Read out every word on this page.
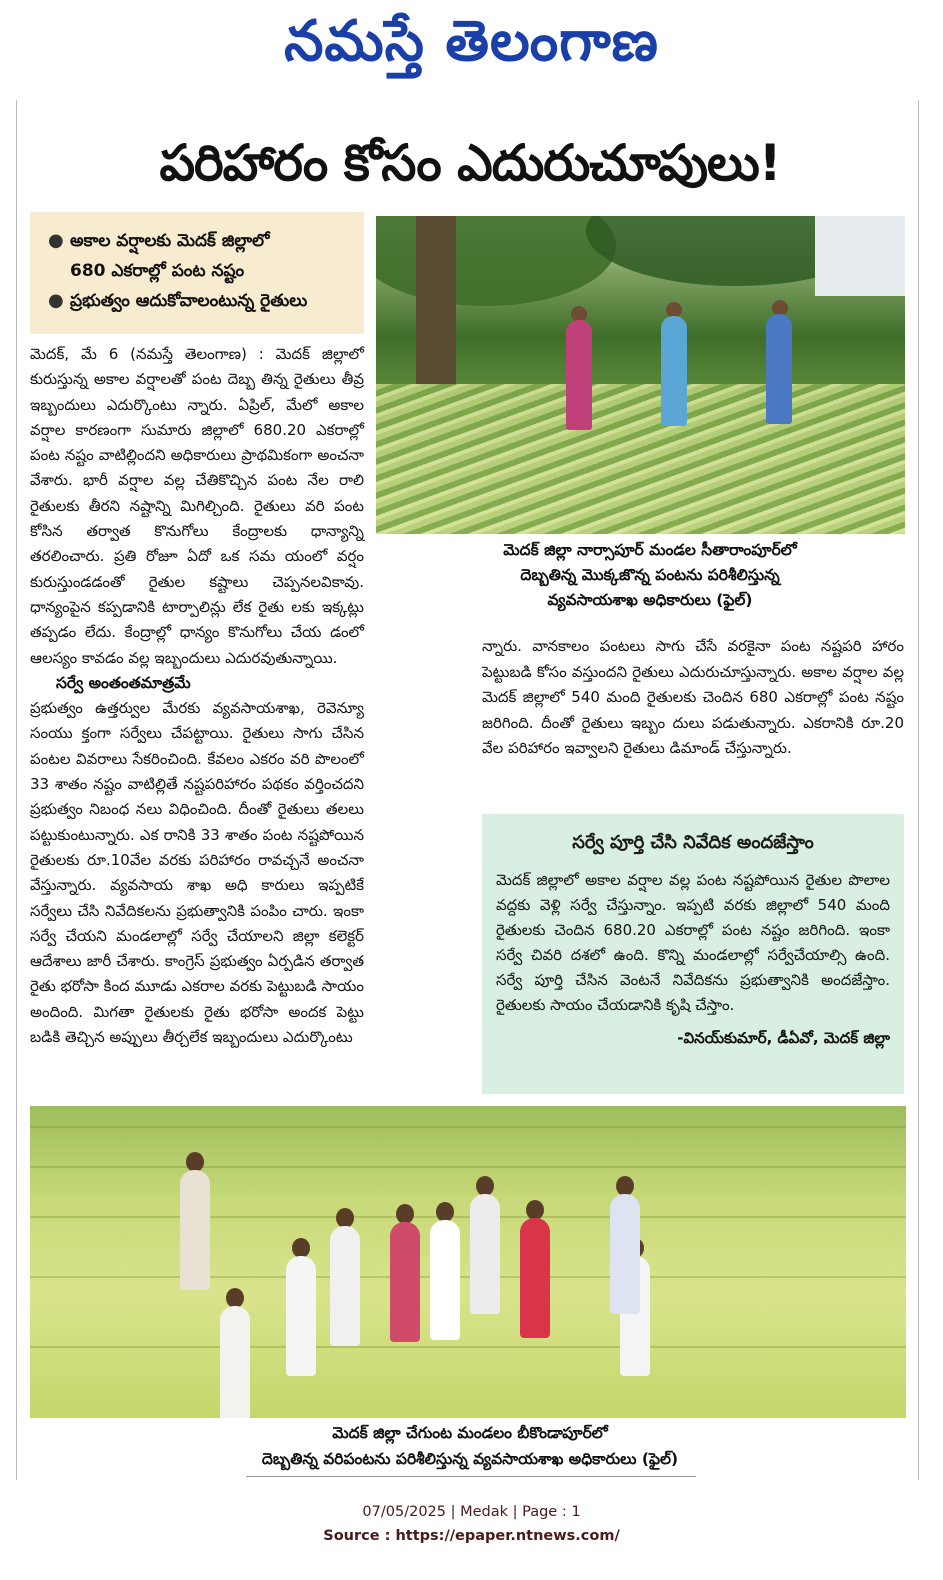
నమస్తే తెలంగాణ
పరిహారం కోసం ఎదురుచూపులు!
● అకాల వర్షాలకు మెదక్ జిల్లాలో
680 ఎకరాల్లో పంట నష్టం
● ప్రభుత్వం ఆదుకోవాలంటున్న రైతులు
మెదక్ జిల్లా నార్సాపూర్ మండల సీతారాంపూర్‌లో
దెబ్బతిన్న మొక్కజొన్న పంటను పరిశీలిస్తున్న
వ్యవసాయశాఖ అధికారులు (ఫైల్)

మెదక్, మే 6 (నమస్తే తెలంగాణ) : మెదక్ జిల్లాలో కురుస్తున్న అకాల వర్షాలతో పంట దెబ్బ తిన్న రైతులు తీవ్ర ఇబ్బందులు ఎదుర్కొంటు న్నారు. ఏప్రిల్, మేలో అకాల వర్షాల కారణంగా సుమారు జిల్లాలో 680.20 ఎకరాల్లో పంట నష్టం వాటిల్లిందని అధికారులు ప్రాథమికంగా అంచనా వేశారు. భారీ వర్షాల వల్ల చేతికొచ్చిన పంట నేల రాలి రైతులకు తీరని నష్టాన్ని మిగిల్చింది. రైతులు వరి పంట కోసిన తర్వాత కొనుగోలు కేంద్రాలకు ధాన్యాన్ని తరలించారు. ప్రతి రోజూ ఏదో ఒక సమ యంలో వర్షం కురుస్తుండడంతో రైతుల కష్టాలు చెప్పనలవికావు. ధాన్యంపైన కప్పడానికి టార్పాలిన్లు లేక రైతు లకు ఇక్కట్లు తప్పడం లేదు. కేంద్రాల్లో ధాన్యం కొనుగోలు చేయ డంలో ఆలస్యం కావడం వల్ల ఇబ్బందులు ఎదురవుతున్నాయి.

సర్వే అంతంతమాత్రమే

ప్రభుత్వం ఉత్తర్వుల మేరకు వ్యవసాయశాఖ, రెవెన్యూ సంయు క్తంగా సర్వేలు చేపట్టాయి. రైతులు సాగు చేసిన పంటల వివరాలు సేకరించింది. కేవలం ఎకరం వరి పొలంలో 33 శాతం నష్టం వాటిల్లితే నష్టపరిహారం పథకం వర్తించదని ప్రభుత్వం నిబంధ నలు విధించింది. దీంతో రైతులు తలలు పట్టుకుంటున్నారు. ఎక రానికి 33 శాతం పంట నష్టపోయిన రైతులకు రూ.10వేల వరకు పరిహారం రావచ్చనే అంచనా వేస్తున్నారు. వ్యవసాయ శాఖ అధి కారులు ఇప్పటికే సర్వేలు చేసి నివేదికలను ప్రభుత్వానికి పంపిం చారు. ఇంకా సర్వే చేయని మండలాల్లో సర్వే చేయాలని జిల్లా కలెక్టర్ ఆదేశాలు జారీ చేశారు. కాంగ్రెస్ ప్రభుత్వం ఏర్పడిన తర్వాత రైతు భరోసా కింద మూడు ఎకరాల వరకు పెట్టుబడి సాయం అందింది. మిగతా రైతులకు రైతు భరోసా అందక పెట్టు బడికి తెచ్చిన అప్పులు తీర్చలేక ఇబ్బందులు ఎదుర్కొంటు

న్నారు. వానకాలం పంటలు సాగు చేసే వరకైనా పంట నష్టపరి హారం పెట్టుబడి కోసం వస్తుందని రైతులు ఎదురుచూస్తున్నారు. అకాల వర్షాల వల్ల మెదక్ జిల్లాలో 540 మంది రైతులకు చెందిన 680 ఎకరాల్లో పంట నష్టం జరిగింది. దీంతో రైతులు ఇబ్బం దులు పడుతున్నారు. ఎకరానికి రూ.20 వేల పరిహారం ఇవ్వాలని రైతులు డిమాండ్ చేస్తున్నారు.

సర్వే పూర్తి చేసి నివేదిక అందజేస్తాం
మెదక్ జిల్లాలో అకాల వర్షాల వల్ల పంట నష్టపోయిన రైతుల పొలాల వద్దకు వెళ్లి సర్వే చేస్తున్నాం. ఇప్పటి వరకు జిల్లాలో 540 మంది రైతులకు చెందిన 680.20 ఎకరాల్లో పంట నష్టం జరిగింది. ఇంకా సర్వే చివరి దశలో ఉంది. కొన్ని మండలాల్లో సర్వేచేయాల్సి ఉంది. సర్వే పూర్తి చేసిన వెంటనే నివేదికను ప్రభుత్వానికి అందజేస్తాం. రైతులకు సాయం చేయడానికి కృషి చేస్తాం.
-వినయ్‌కుమార్, డీఏవో, మెదక్ జిల్లా
మెదక్ జిల్లా చేగుంట మండలం బీకొండాపూర్‌లో
దెబ్బతిన్న వరిపంటను పరిశీలిస్తున్న వ్యవసాయశాఖ అధికారులు (ఫైల్)
07/05/2025 | Medak | Page : 1
Source : https://epaper.ntnews.com/
